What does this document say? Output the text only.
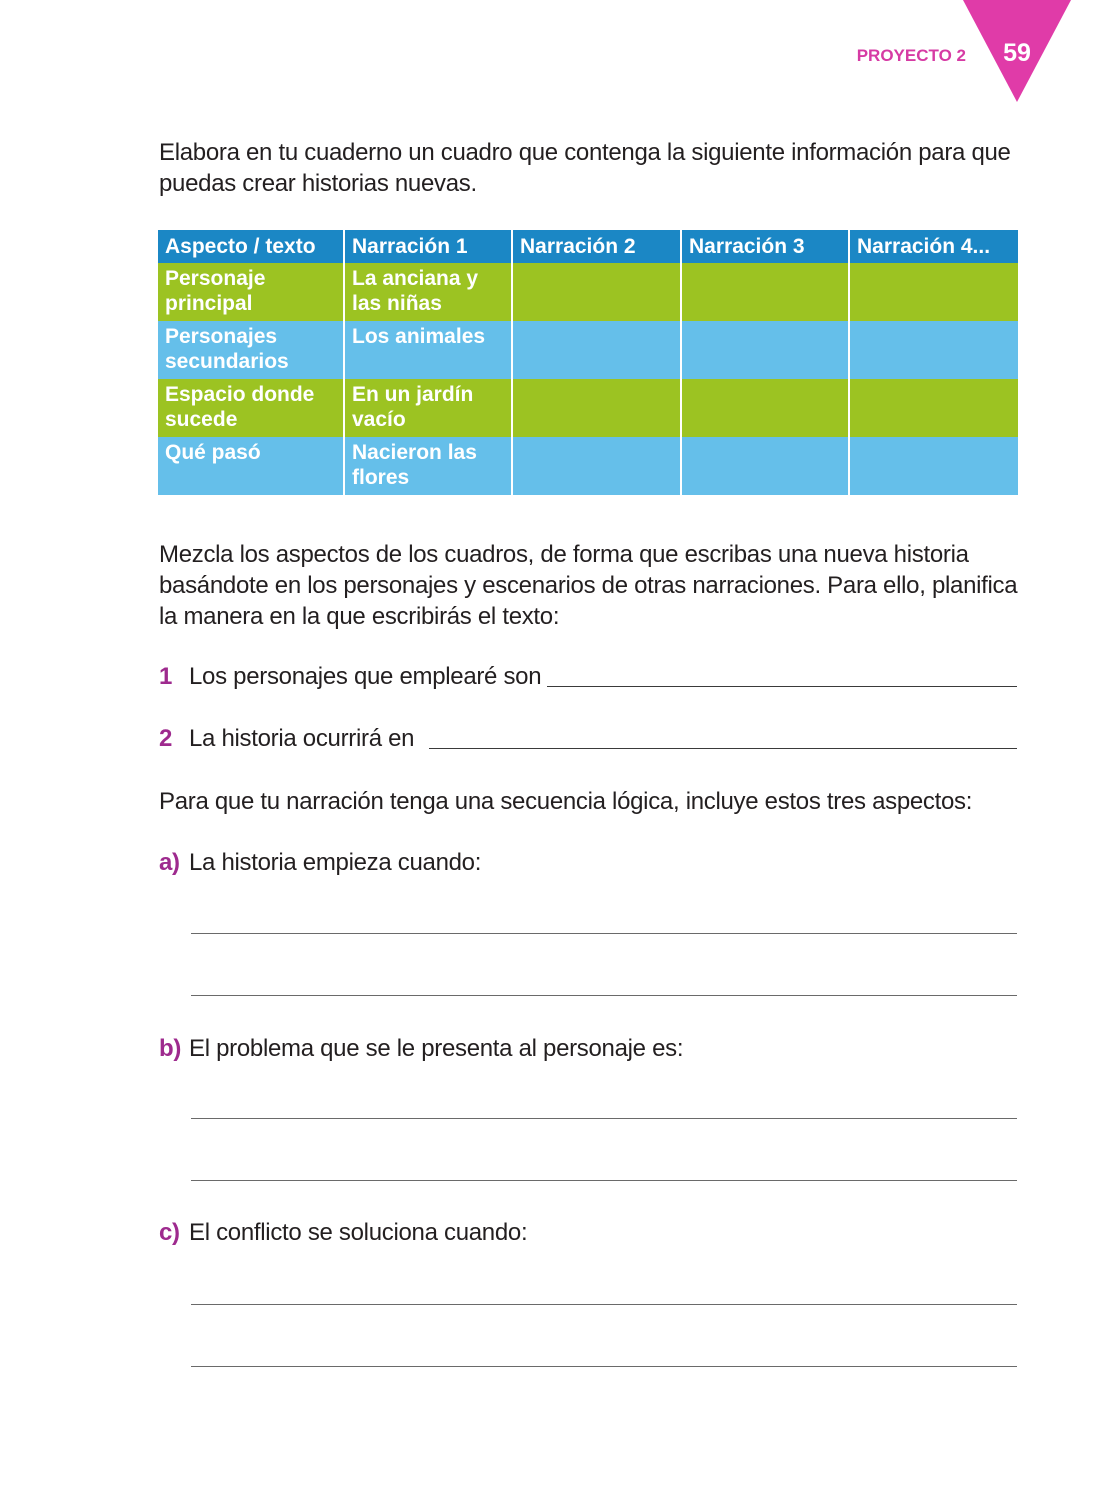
59
PROYECTO 2
Elabora en tu cuaderno un cuadro que contenga la siguiente información para que puedas crear historias nuevas.
Aspecto / texto	Narración 1	Narración 2	Narración 3	Narración 4...
Personaje principal	La anciana y las niñas			
Personajes secundarios	Los animales			
Espacio donde sucede	En un jardín vacío			
Qué pasó	Nacieron las flores			
Mezcla los aspectos de los cuadros, de forma que escribas una nueva historia basándote en los personajes y escenarios de otras narraciones. Para ello, planifica la manera en la que escribirás el texto:
1 Los personajes que emplearé son
2 La historia ocurrirá en
Para que tu narración tenga una secuencia lógica, incluye estos tres aspectos:
a) La historia empieza cuando:
b) El problema que se le presenta al personaje es:
c) El conflicto se soluciona cuando:
